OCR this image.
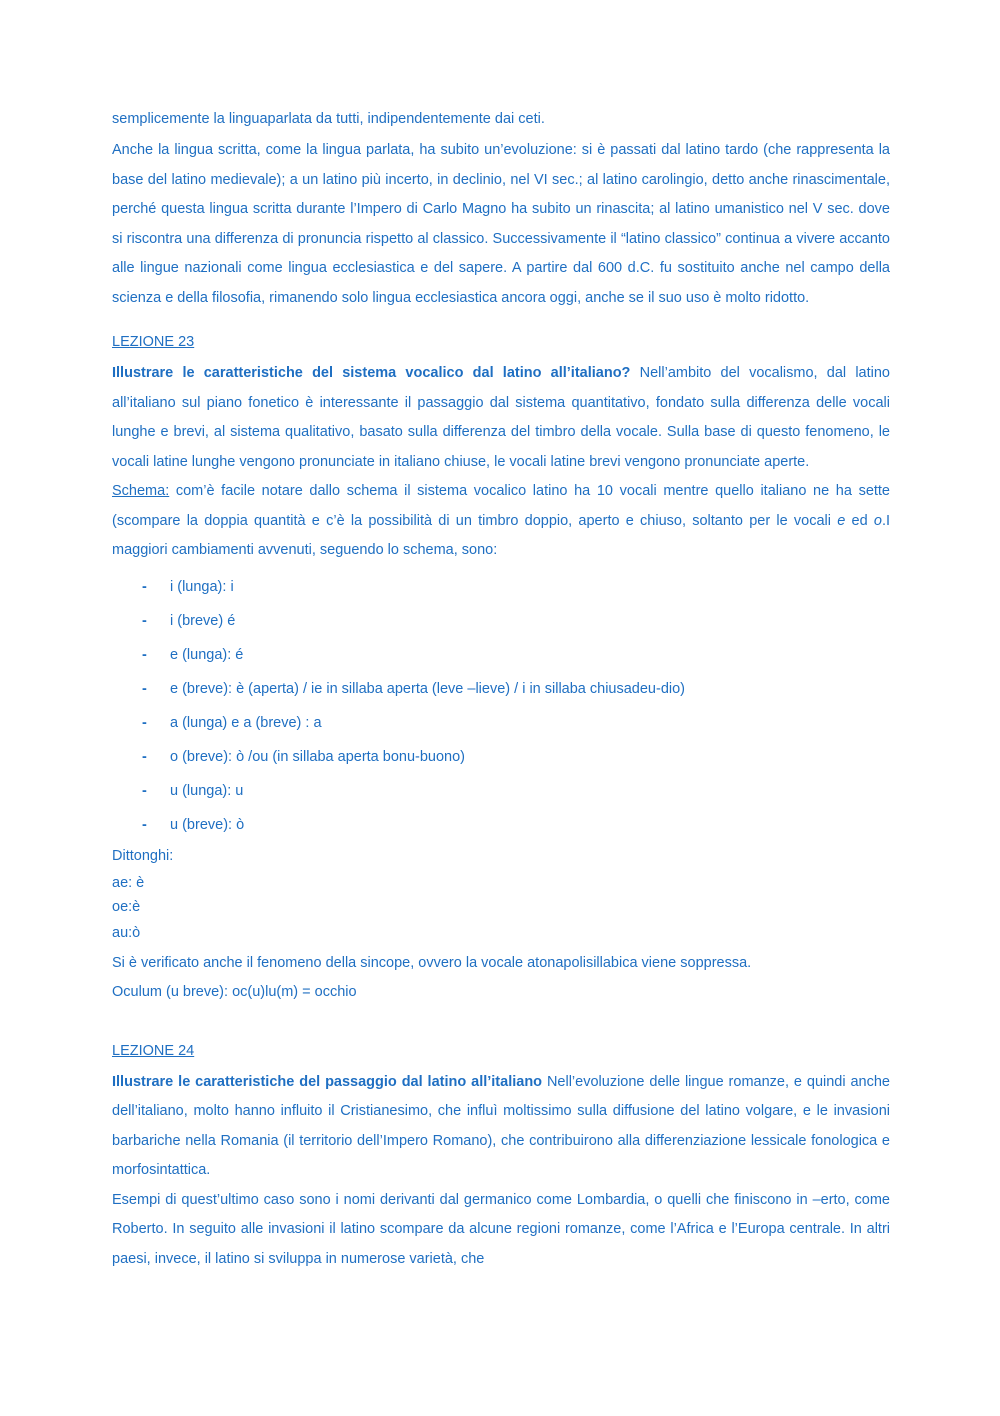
semplicemente la linguaparlata da tutti, indipendentemente dai ceti.

Anche la lingua scritta, come la lingua parlata, ha subito un’evoluzione: si è passati dal latino tardo (che rappresenta la base del latino medievale); a un latino più incerto, in declinio, nel VI sec.; al latino carolingio, detto anche rinascimentale, perché questa lingua scritta durante l’Impero di Carlo Magno ha subito un rinascita; al latino umanistico nel V sec. dove si riscontra una differenza di pronuncia rispetto al classico. Successivamente il “latino classico” continua a vivere accanto alle lingue nazionali come lingua ecclesiastica e del sapere. A partire dal 600 d.C. fu sostituito anche nel campo della scienza e della filosofia, rimanendo solo lingua ecclesiastica ancora oggi, anche se il suo uso è molto ridotto.

LEZIONE 23

Illustrare le caratteristiche del sistema vocalico dal latino all’italiano? Nell’ambito del vocalismo, dal latino all’italiano sul piano fonetico è interessante il passaggio dal sistema quantitativo, fondato sulla differenza delle vocali lunghe e brevi, al sistema qualitativo, basato sulla differenza del timbro della vocale. Sulla base di questo fenomeno, le vocali latine lunghe vengono pronunciate in italiano chiuse, le vocali latine brevi vengono pronunciate aperte.

Schema: com’è facile notare dallo schema il sistema vocalico latino ha 10 vocali mentre quello italiano ne ha sette (scompare la doppia quantità e c’è la possibilità di un timbro doppio, aperto e chiuso, soltanto per le vocali e ed o.I maggiori cambiamenti avvenuti, seguendo lo schema, sono:

- i (lunga): i
- i (breve) é
- e (lunga): é
- e (breve): è (aperta) / ie in sillaba aperta (leve –lieve) / i in sillaba chiusadeu-dio)
- a (lunga) e a (breve) : a
- o (breve): ò /ou (in sillaba aperta bonu-buono)
- u (lunga): u
- u (breve): ò

Dittonghi:

ae: è

oe:è

au:ò

Si è verificato anche il fenomeno della sincope, ovvero la vocale atonapolisillabica viene soppressa.

Oculum (u breve): oc(u)lu(m) = occhio

LEZIONE 24

Illustrare le caratteristiche del passaggio dal latino all’italiano Nell’evoluzione delle lingue romanze, e quindi anche dell’italiano, molto hanno influito il Cristianesimo, che influì moltissimo sulla diffusione del latino volgare, e le invasioni barbariche nella Romania (il territorio dell’Impero Romano), che contribuirono alla differenziazione lessicale fonologica e morfosintattica.

Esempi di quest’ultimo caso sono i nomi derivanti dal germanico come Lombardia, o quelli che finiscono in –erto, come Roberto. In seguito alle invasioni il latino scompare da alcune regioni romanze, come l’Africa e l’Europa centrale. In altri paesi, invece, il latino si sviluppa in numerose varietà, che
